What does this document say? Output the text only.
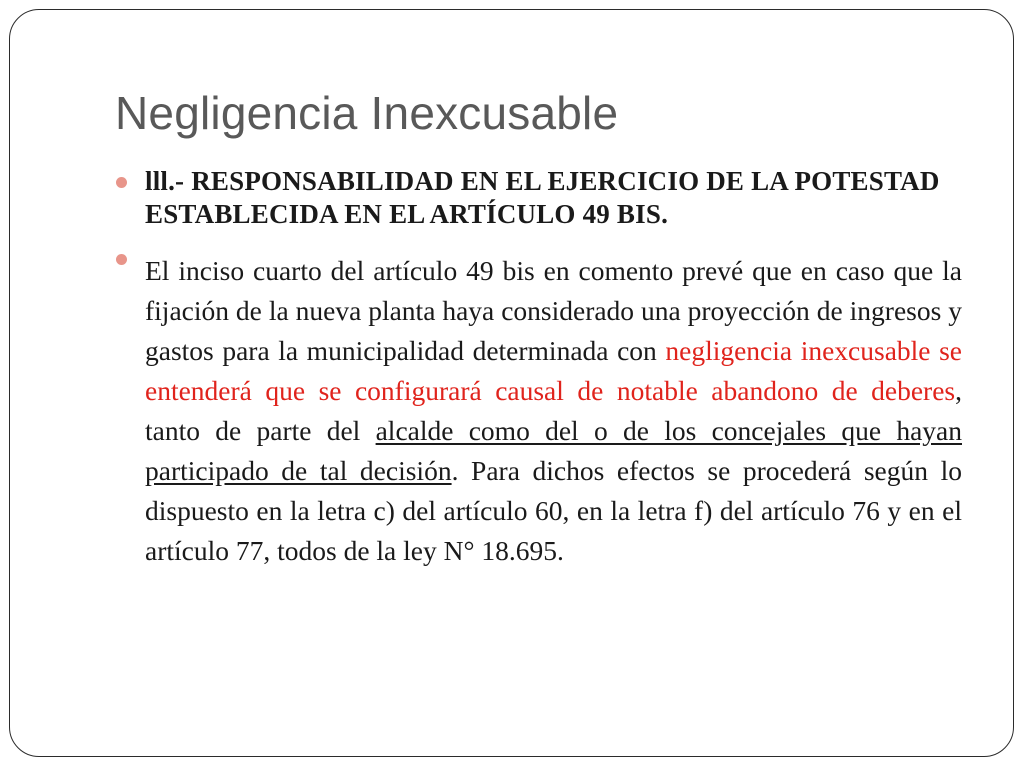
Negligencia Inexcusable
lll.- RESPONSABILIDAD EN EL EJERCICIO DE LA POTESTAD ESTABLECIDA EN EL ARTÍCULO 49 BIS.
El inciso cuarto del artículo 49 bis en comento prevé que en caso que la fijación de la nueva planta haya considerado una proyección de ingresos y gastos para la municipalidad determinada con negligencia inexcusable se entenderá que se configurará causal de notable abandono de deberes, tanto de parte del alcalde como del o de los concejales que hayan participado de tal decisión. Para dichos efectos se procederá según lo dispuesto en la letra c) del artículo 60, en la letra f) del artículo 76 y en el artículo 77, todos de la ley N° 18.695.
